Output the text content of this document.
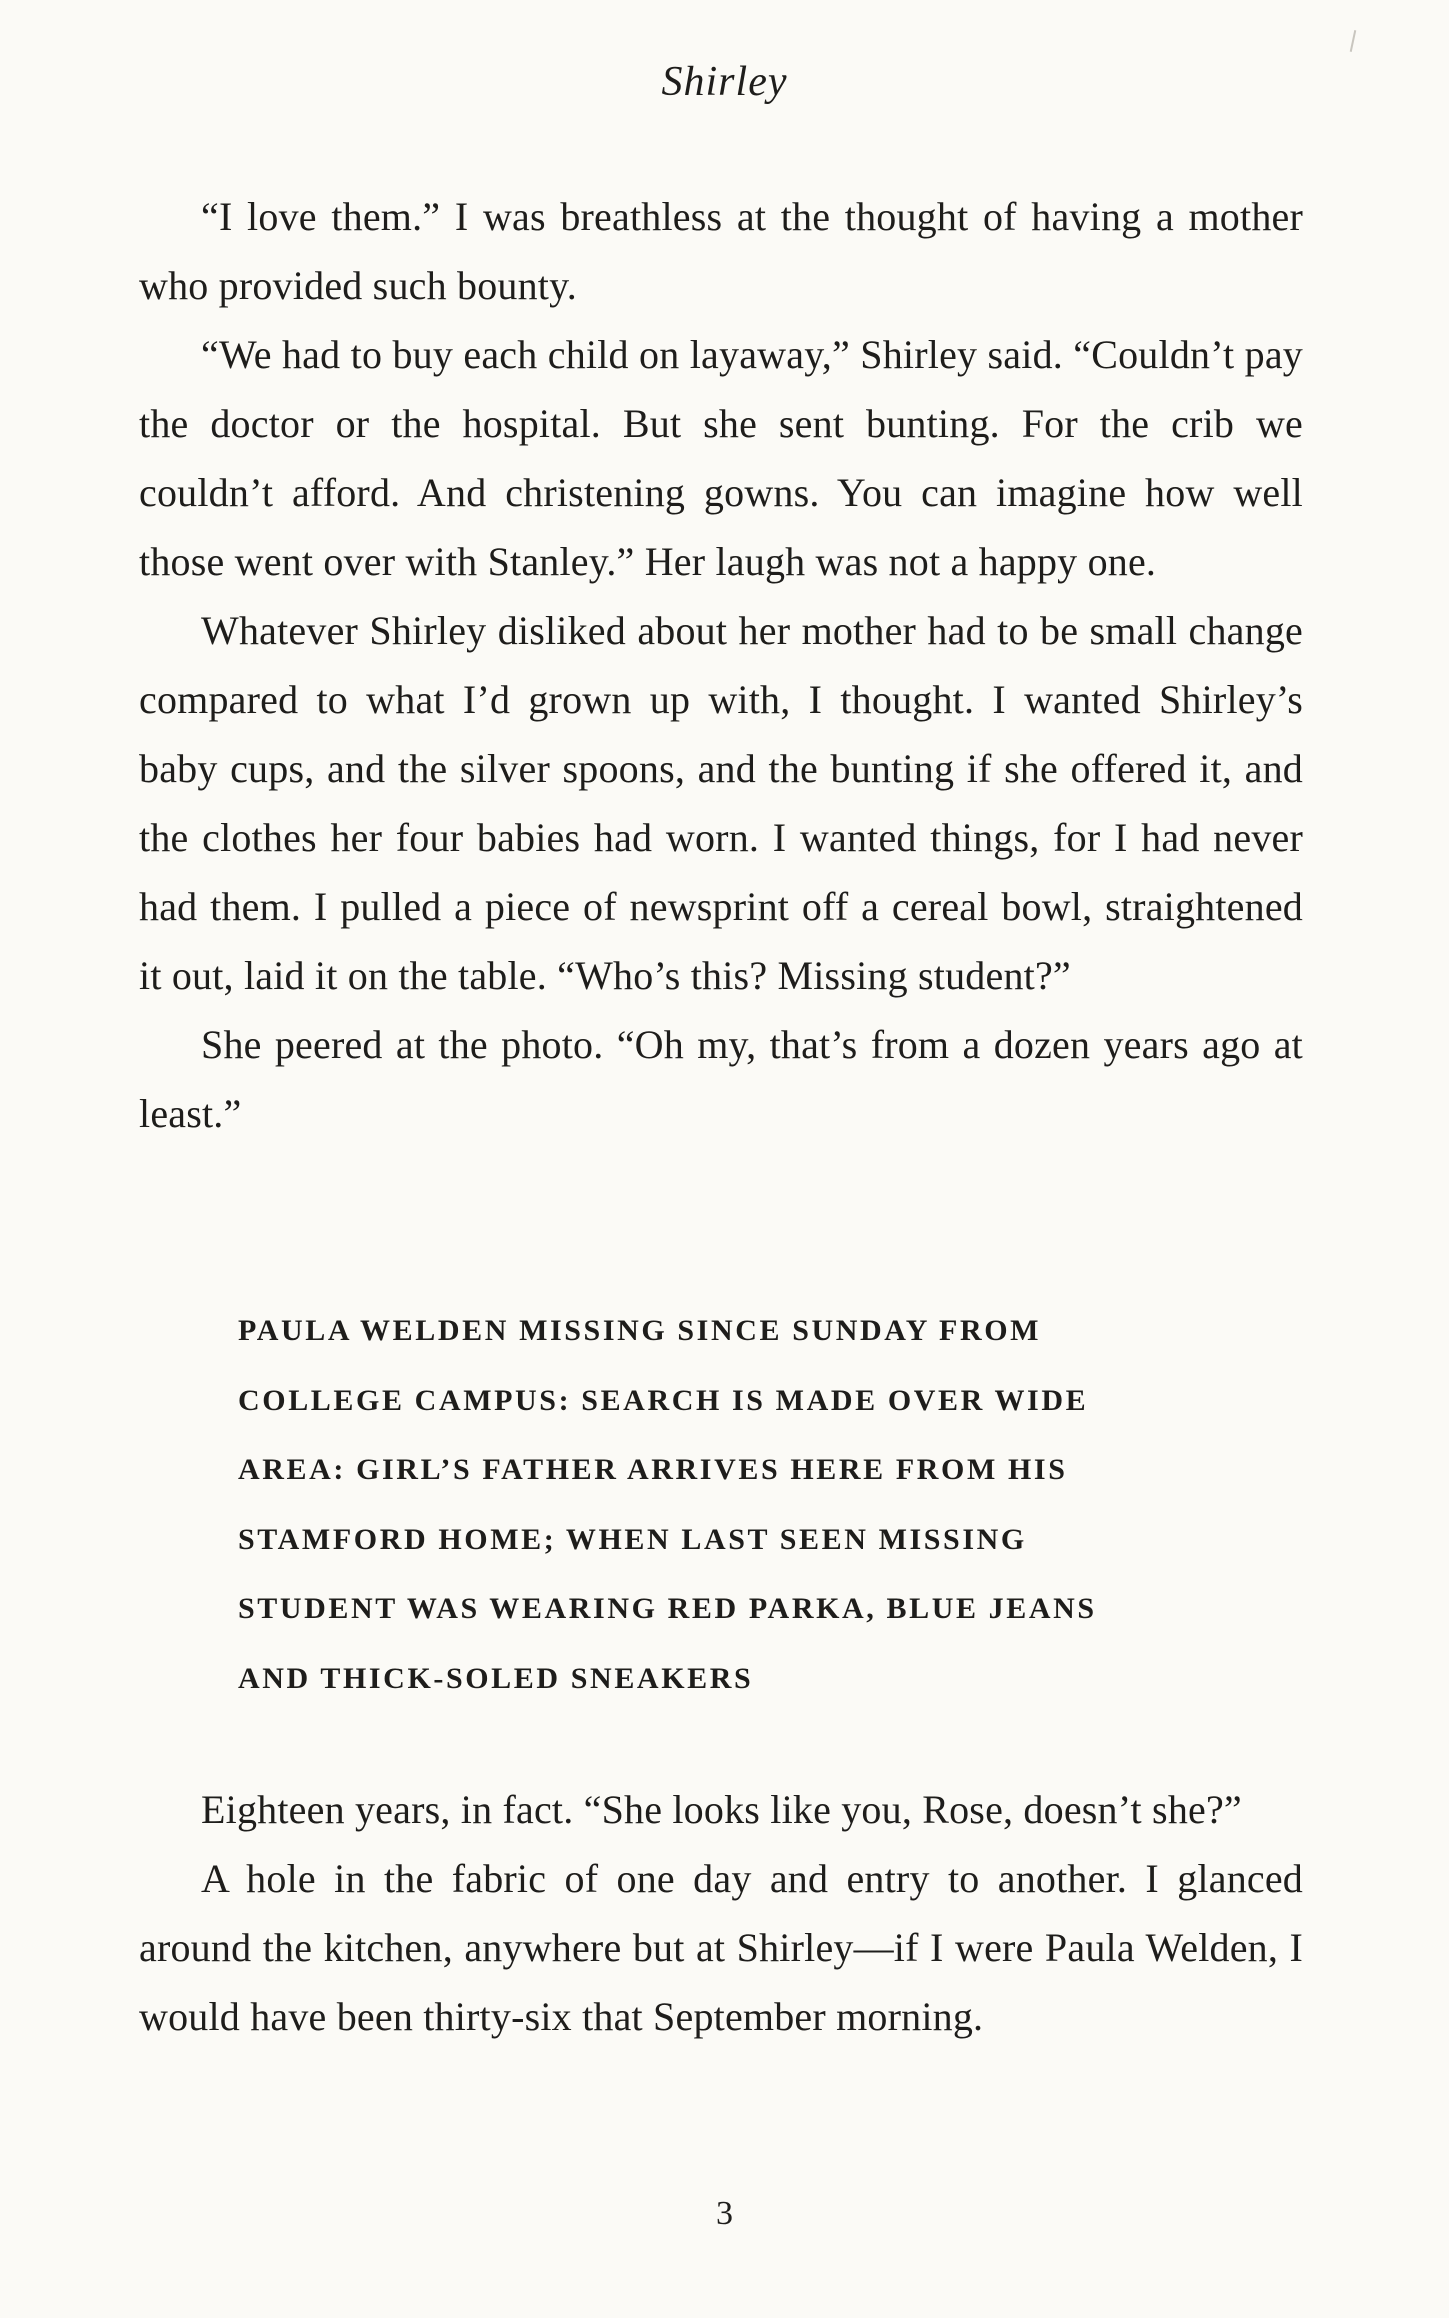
Shirley

“I love them.” I was breathless at the thought of having a mother who provided such bounty.

“We had to buy each child on layaway,” Shirley said. “Couldn’t pay the doctor or the hospital. But she sent bunting. For the crib we couldn’t afford. And christening gowns. You can imagine how well those went over with Stanley.” Her laugh was not a happy one.

Whatever Shirley disliked about her mother had to be small change compared to what I’d grown up with, I thought. I wanted Shirley’s baby cups, and the silver spoons, and the bunting if she offered it, and the clothes her four babies had worn. I wanted things, for I had never had them. I pulled a piece of newsprint off a cereal bowl, straightened it out, laid it on the table. “Who’s this? Missing student?”

She peered at the photo. “Oh my, that’s from a dozen years ago at least.”

PAULA WELDEN MISSING SINCE SUNDAY FROM
COLLEGE CAMPUS: SEARCH IS MADE OVER WIDE
AREA: GIRL’S FATHER ARRIVES HERE FROM HIS
STAMFORD HOME; WHEN LAST SEEN MISSING
STUDENT WAS WEARING RED PARKA, BLUE JEANS
AND THICK-SOLED SNEAKERS

Eighteen years, in fact. “She looks like you, Rose, doesn’t she?”

A hole in the fabric of one day and entry to another. I glanced around the kitchen, anywhere but at Shirley—if I were Paula Welden, I would have been thirty-six that September morning.

3
